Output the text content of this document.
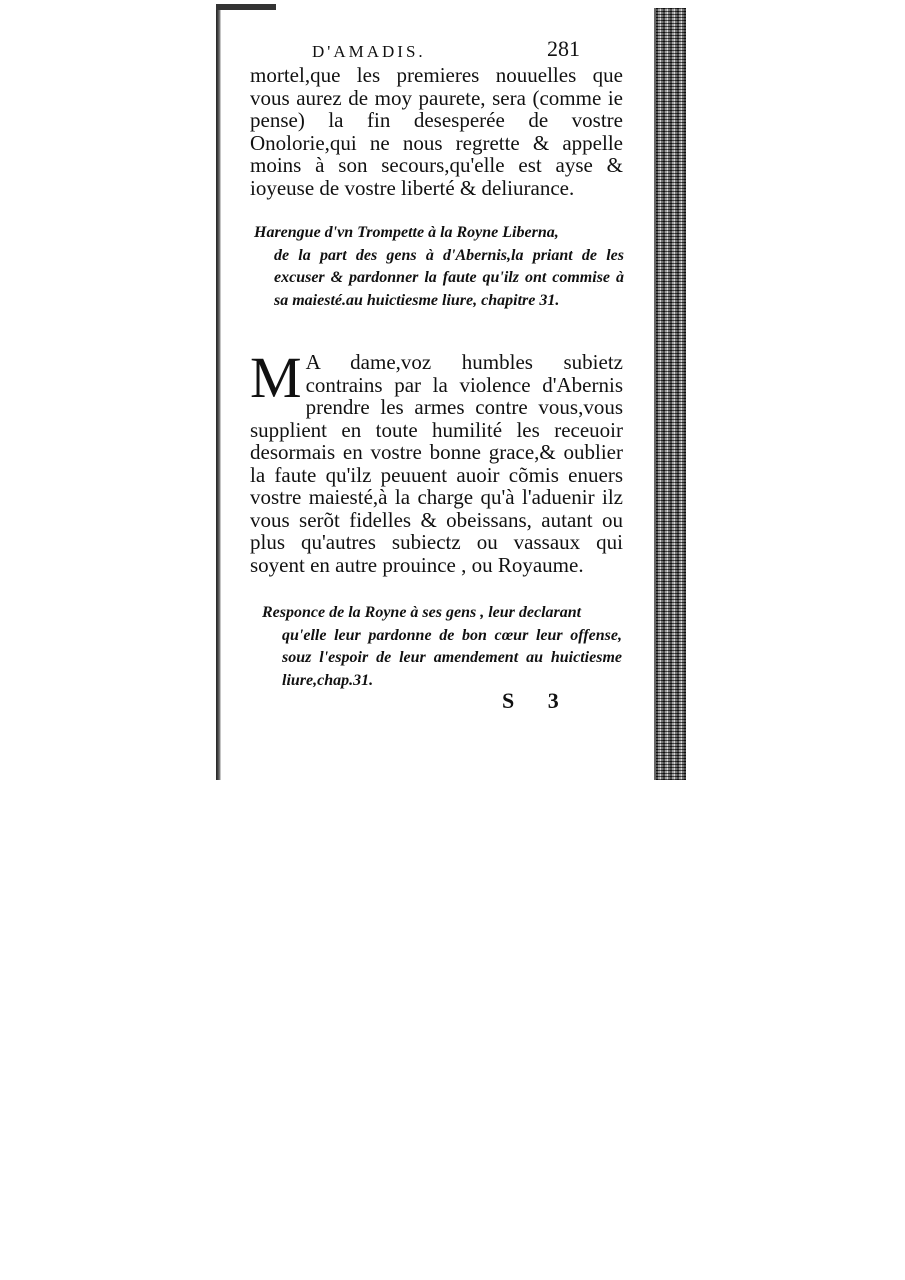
D'AMADIS.	281
mortel,que les premieres nouuelles que vous aurez de moy paurete, sera (comme ie pense) la fin desesperée de vostre Onolorie,qui ne nous regrette & appelle moins à son secours,qu'elle est ayse & ioyeuse de vostre liberté & deliurance.
Harengue d'vn Trompette à la Royne Liberna,
de la part des gens à d'Abernis,la priant de les excuser & pardonner la faute qu'ilz ont commise à sa maiesté.au huictiesme liure, chapitre 31.
M A dame,voz humbles subietz contrains par la violence d'Abernis prendre les armes contre vous,vous supplient en toute humilité les receuoir desormais en vostre bonne grace,& oublier la faute qu'ilz peuuent auoir cõmis enuers vostre maiesté,à la charge qu'à l'aduenir ilz vous serõt fidelles & obeissans, autant ou plus qu'autres subiectz ou vassaux qui soyent en autre prouince , ou Royaume.
Responce de la Royne à ses gens , leur declarant
qu'elle leur pardonne de bon cœur leur offense, souz l'espoir de leur amendement au huictiesme liure,chap.31.
S 3
